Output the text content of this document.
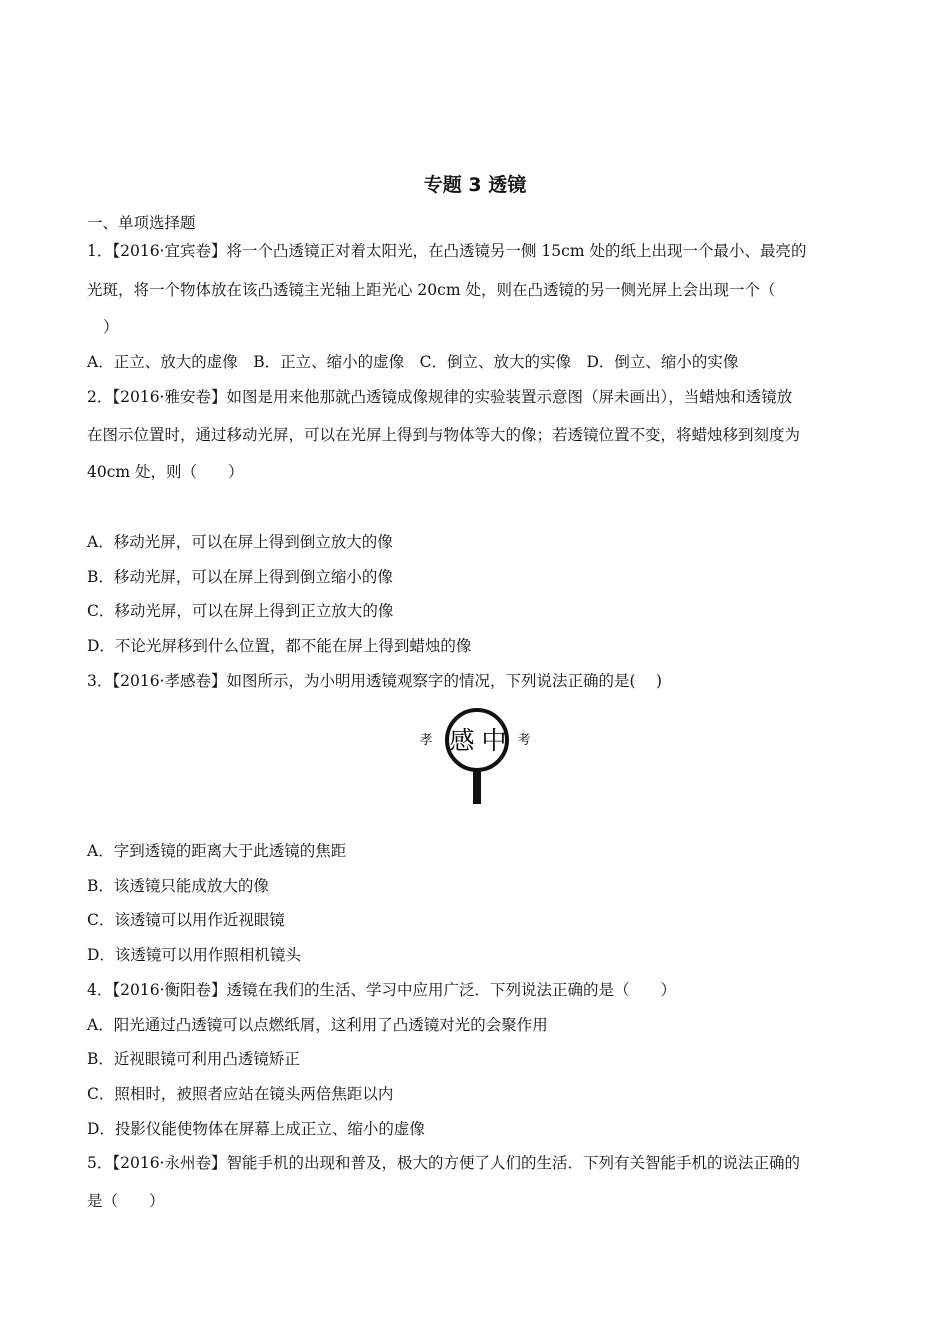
专题 3 透镜
一、单项选择题
1．【2016·宜宾卷】将一个凸透镜正对着太阳光，在凸透镜另一侧 15cm 处的纸上出现一个最小、最亮的
光斑，将一个物体放在该凸透镜主光轴上距光心 20cm 处，则在凸透镜的另一侧光屏上会出现一个（
）
A．正立、放大的虚像　B．正立、缩小的虚像　C．倒立、放大的实像　D．倒立、缩小的实像
2．【2016·雅安卷】如图是用来他那就凸透镜成像规律的实验装置示意图（屏未画出），当蜡烛和透镜放
在图示位置时，通过移动光屏，可以在光屏上得到与物体等大的像；若透镜位置不变，将蜡烛移到刻度为
40cm 处，则（　　）
A．移动光屏，可以在屏上得到倒立放大的像
B．移动光屏，可以在屏上得到倒立缩小的像
C．移动光屏，可以在屏上得到正立放大的像
D．不论光屏移到什么位置，都不能在屏上得到蜡烛的像
3．【2016·孝感卷】如图所示，为小明用透镜观察字的情况，下列说法正确的是(　 )
孝 感 中 考
A．字到透镜的距离大于此透镜的焦距
B．该透镜只能成放大的像
C．该透镜可以用作近视眼镜
D．该透镜可以用作照相机镜头
4．【2016·衡阳卷】透镜在我们的生活、学习中应用广泛．下列说法正确的是（　　）
A．阳光通过凸透镜可以点燃纸屑，这利用了凸透镜对光的会聚作用
B．近视眼镜可利用凸透镜矫正
C．照相时，被照者应站在镜头两倍焦距以内
D．投影仪能使物体在屏幕上成正立、缩小的虚像
5．【2016·永州卷】智能手机的出现和普及，极大的方便了人们的生活．下列有关智能手机的说法正确的
是（　　）
